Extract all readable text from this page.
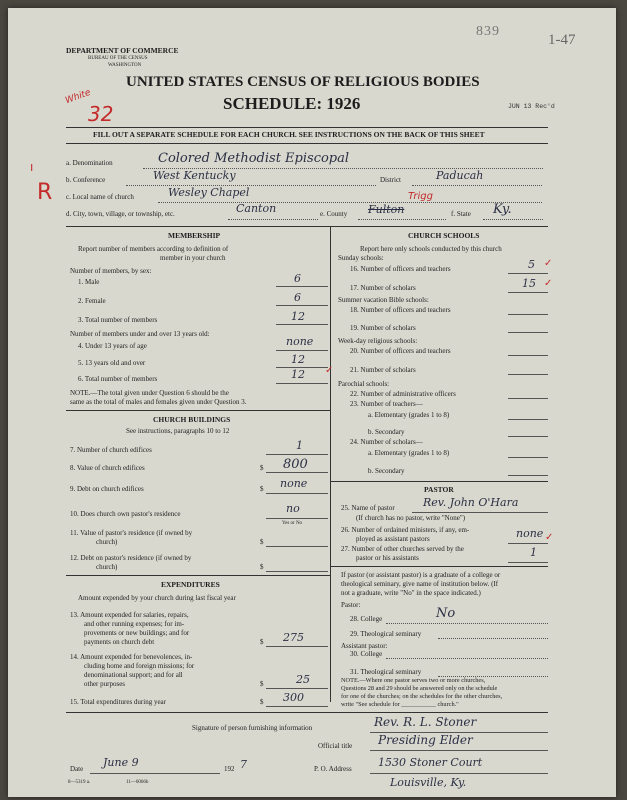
DEPARTMENT OF COMMERCE
BUREAU OF THE CENSUS
WASHINGTON
839
1-47
UNITED STATES CENSUS OF RELIGIOUS BODIES
SCHEDULE: 1926	JUN 13 Rec'd
White
32
R
ı
FILL OUT A SEPARATE SCHEDULE FOR EACH CHURCH. SEE INSTRUCTIONS ON THE BACK OF THIS SHEET
a. Denomination	Colored Methodist Episcopal
b. Conference	West Kentucky	District	Paducah
c. Local name of church	Wesley Chapel
d. City, town, village, or township, etc.	Canton	e. County Fulton
Trigg
f. State Ky.
MEMBERSHIP
Report number of members according to definition of
member in your church
Number of members, by sex:
1. Male	6
2. Female	6
3. Total number of members	12
Number of members under and over 13 years old:
4. Under 13 years of age	none
5. 13 years old and over	12
6. Total number of members	12
NOTE.—The total given under Question 6 should be the
same as the total of males and females given under Question 3.
CHURCH BUILDINGS
See instructions, paragraphs 10 to 12
7. Number of church edifices	1
8. Value of church edifices	$ 800
9. Debt on church edifices	$ none
10. Does church own pastor's residence	no
Yes or No
11. Value of pastor's residence (if owned by
church)	$
12. Debt on pastor's residence (if owned by
church)	$
EXPENDITURES
Amount expended by your church during last fiscal year
13. Amount expended for salaries, repairs,
and other running expenses; for im-
provements or new buildings; and for
payments on church debt	$ 275
14. Amount expended for benevolences, in-
cluding home and foreign missions; for
denominational support; and for all
other purposes	$	25
15. Total expenditures during year	$ 300
CHURCH SCHOOLS
Report here only schools conducted by this church
Sunday schools:
16. Number of officers and teachers	5
17. Number of scholars	15
Summer vacation Bible schools:
18. Number of officers and teachers
19. Number of scholars
Week-day religious schools:
20. Number of officers and teachers
21. Number of scholars
Parochial schools:
22. Number of administrative officers
23. Number of teachers—
a. Elementary (grades 1 to 8)
b. Secondary
24. Number of scholars—
a. Elementary (grades 1 to 8)
b. Secondary
PASTOR
25. Name of pastor	Rev. John O'Hara
(If church has no pastor, write "None")
26. Number of ordained ministers, if any, em-
ployed as assistant pastors	none
27. Number of other churches served by the
pastor or his assistants	1
If pastor (or assistant pastor) is a graduate of a college or
theological seminary, give name of institution below. (If
not a graduate, write "No" in the space indicated.)
Pastor:
28. College	No
29. Theological seminary
Assistant pastor:
30. College
31. Theological seminary
NOTE.—Where one pastor serves two or more churches,
Questions 28 and 29 should be answered only on the schedule
for one of the churches; on the schedules for the other churches,
write "See schedule for ___________ church."
Signature of person furnishing information	Rev. R. L. Stoner
Official title Presiding Elder
Date June 9	192 7	P. O. Address 1530 Stoner Court
Louisville, Ky.
8—5319 a.	11—6066b
✓
✓
✓
✓
